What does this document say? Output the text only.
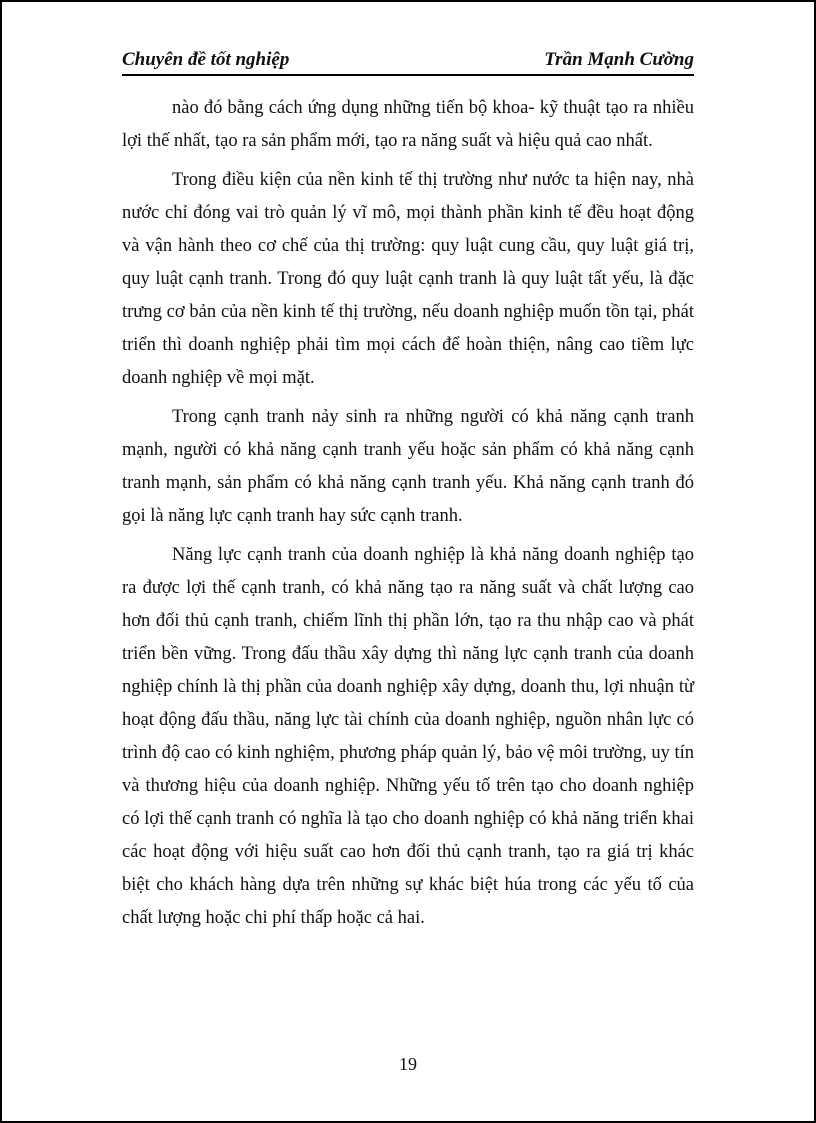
Chuyên đề tốt nghiệp	Trần Mạnh Cường

nào đó bằng cách ứng dụng những tiến bộ khoa- kỹ thuật tạo ra nhiều lợi thế nhất, tạo ra sản phẩm mới, tạo ra năng suất và hiệu quả cao nhất.

Trong điều kiện của nền kinh tế thị trường như nước ta hiện nay, nhà nước chỉ đóng vai trò quản lý vĩ mô, mọi thành phần kinh tế đều hoạt động và vận hành theo cơ chế của thị trường: quy luật cung cầu, quy luật giá trị, quy luật cạnh tranh. Trong đó quy luật cạnh tranh là quy luật tất yếu, là đặc trưng cơ bản của nền kinh tế thị trường, nếu doanh nghiệp muốn tồn tại, phát triển thì doanh nghiệp phải tìm mọi cách để hoàn thiện, nâng cao tiềm lực doanh nghiệp về mọi mặt.

Trong cạnh tranh nảy sinh ra những người có khả năng cạnh tranh mạnh, người có khả năng cạnh tranh yếu hoặc sản phẩm có khả năng cạnh tranh mạnh, sản phẩm có khả năng cạnh tranh yếu. Khả năng cạnh tranh đó gọi là năng lực cạnh tranh hay sức cạnh tranh.

Năng lực cạnh tranh của doanh nghiệp là khả năng doanh nghiệp tạo ra được lợi thế cạnh tranh, có khả năng tạo ra năng suất và chất lượng cao hơn đối thủ cạnh tranh, chiếm lĩnh thị phần lớn, tạo ra thu nhập cao và phát triển bền vững. Trong đấu thầu xây dựng thì năng lực cạnh tranh của doanh nghiệp chính là thị phần của doanh nghiệp xây dựng, doanh thu, lợi nhuận từ hoạt động đấu thầu, năng lực tài chính của doanh nghiệp, nguồn nhân lực có trình độ cao có kinh nghiệm, phương pháp quản lý, bảo vệ môi trường, uy tín và thương hiệu của doanh nghiệp. Những yếu tố trên tạo cho doanh nghiệp có lợi thế cạnh tranh có nghĩa là tạo cho doanh nghiệp có khả năng triển khai các hoạt động với hiệu suất cao hơn đối thủ cạnh tranh, tạo ra giá trị khác biệt cho khách hàng dựa trên những sự khác biệt húa trong các yếu tố của chất lượng hoặc chi phí thấp hoặc cả hai.

19
